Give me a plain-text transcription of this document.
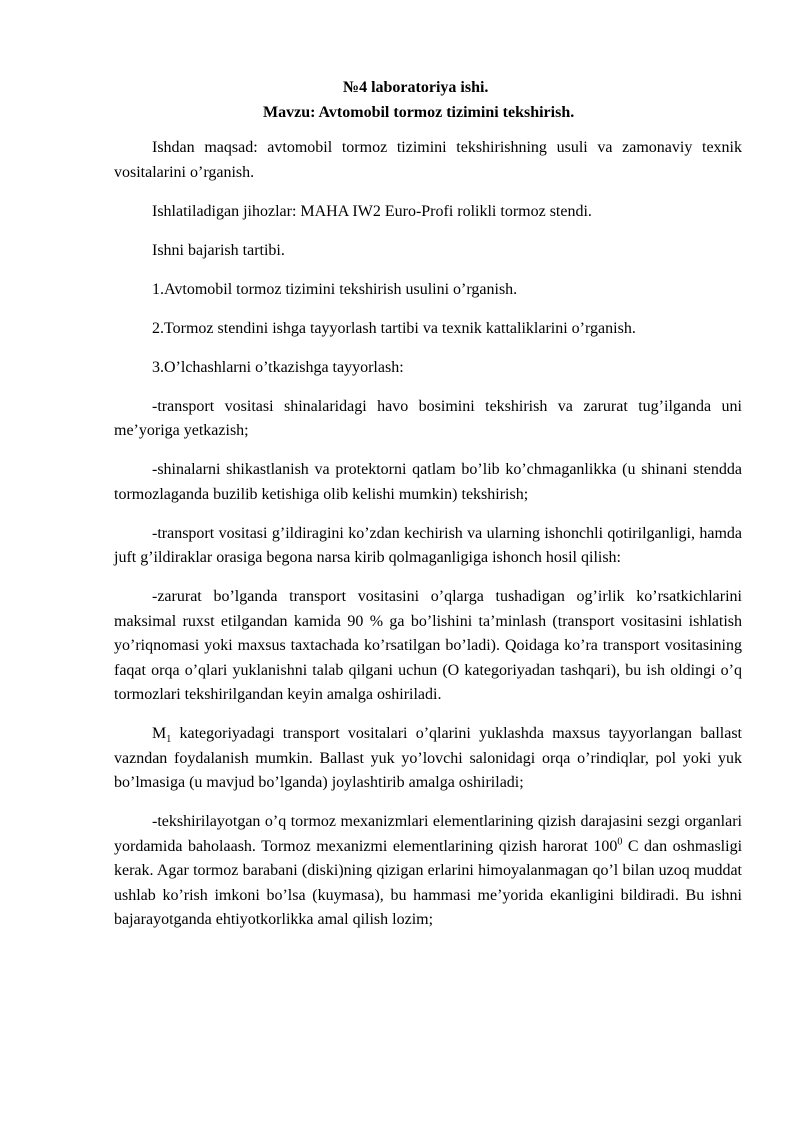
№4 laboratoriya ishi.

Mavzu: Avtomobil tormoz tizimini tekshirish.

Ishdan maqsad: avtomobil tormoz tizimini tekshirishning usuli va zamonaviy texnik vositalarini o’rganish.

Ishlatiladigan jihozlar: MAHA IW2 Euro-Profi rolikli tormoz stendi.

Ishni bajarish tartibi.

1.Avtomobil tormoz tizimini tekshirish usulini o’rganish.

2.Tormoz stendini ishga tayyorlash tartibi va texnik kattaliklarini o’rganish.

3.O’lchashlarni o’tkazishga tayyorlash:

-transport vositasi shinalaridagi havo bosimini tekshirish va zarurat tug’ilganda uni me’yoriga yetkazish;

-shinalarni shikastlanish va protektorni qatlam bo’lib ko’chmaganlikka (u shinani stendda tormozlaganda buzilib ketishiga olib kelishi mumkin) tekshirish;

-transport vositasi g’ildiragini ko’zdan kechirish va ularning ishonchli qotirilganligi, hamda juft g’ildiraklar orasiga begona narsa kirib qolmaganligiga ishonch hosil qilish:

-zarurat bo’lganda transport vositasini o’qlarga tushadigan og’irlik ko’rsatkichlarini maksimal ruxst etilgandan kamida 90 % ga bo’lishini ta’minlash (transport vositasini ishlatish yo’riqnomasi yoki maxsus taxtachada ko’rsatilgan bo’ladi). Qoidaga ko’ra transport vositasining faqat orqa o’qlari yuklanishni talab qilgani uchun (O kategoriyadan tashqari), bu ish oldingi o’q tormozlari tekshirilgandan keyin amalga oshiriladi.

$M_1$ kategoriyadagi transport vositalari o’qlarini yuklashda maxsus tayyorlangan ballast vazndan foydalanish mumkin. Ballast yuk yo’lovchi salonidagi orqa o’rindiqlar, pol yoki yuk bo’lmasiga (u mavjud bo’lganda) joylashtirib amalga oshiriladi;

-tekshirilayotgan o’q tormoz mexanizmlari elementlarining qizish darajasini sezgi organlari yordamida baholaash. Tormoz mexanizmi elementlarining qizish harorat $100^0$ C dan oshmasligi kerak. Agar tormoz barabani (diski)ning qizigan erlarini himoyalanmagan qo’l bilan uzoq muddat ushlab ko’rish imkoni bo’lsa (kuymasa), bu hammasi me’yorida ekanligini bildiradi. Bu ishni bajarayotganda ehtiyotkorlikka amal qilish lozim;
